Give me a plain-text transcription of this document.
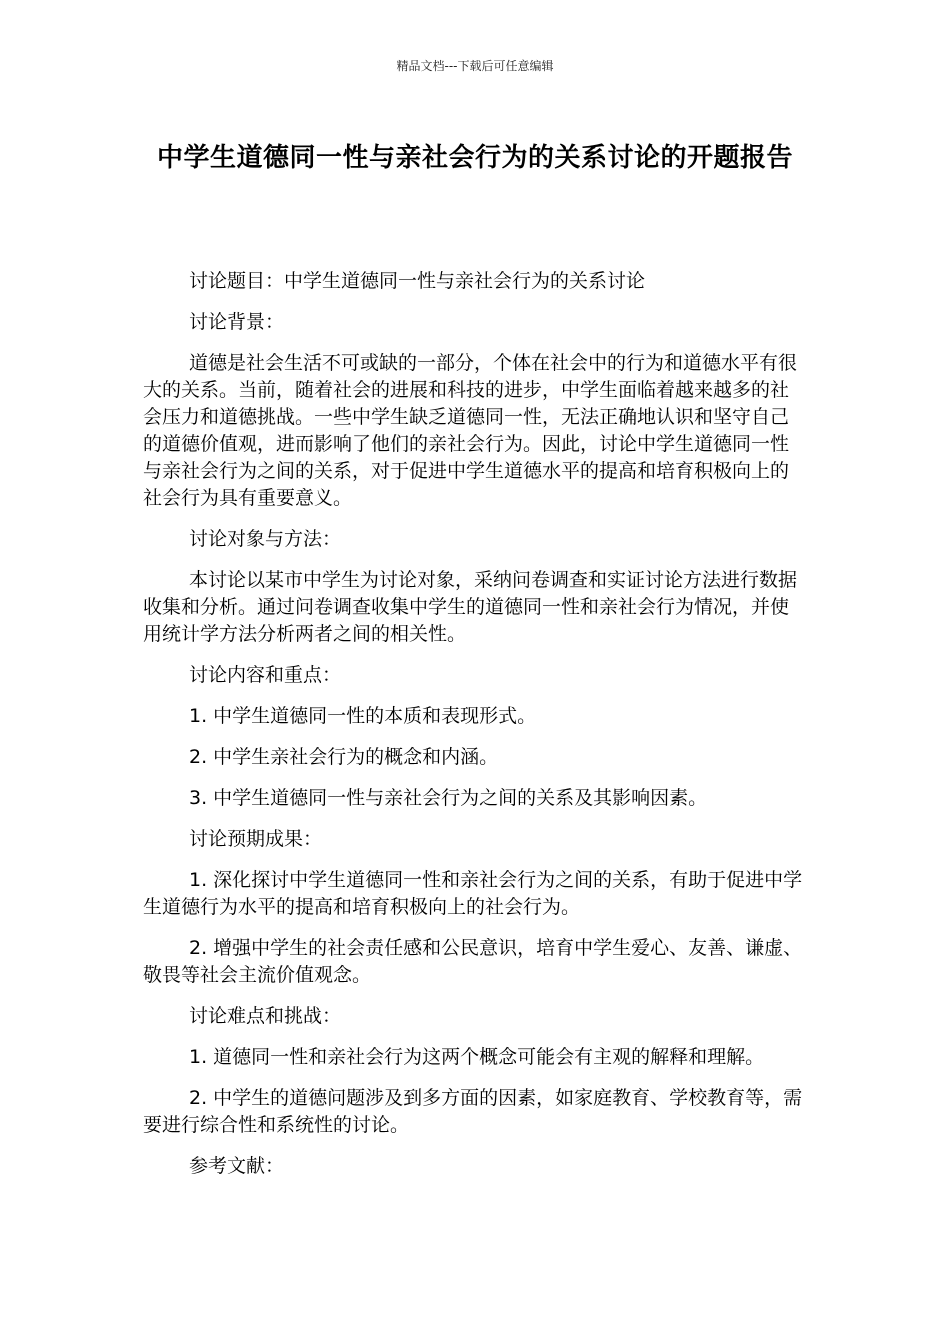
精品文档---下载后可任意编辑
中学生道德同一性与亲社会行为的关系讨论的开题报告

讨论题目：中学生道德同一性与亲社会行为的关系讨论

讨论背景：

道德是社会生活不可或缺的一部分，个体在社会中的行为和道德水平有很大的关系。当前，随着社会的进展和科技的进步，中学生面临着越来越多的社会压力和道德挑战。一些中学生缺乏道德同一性，无法正确地认识和坚守自己的道德价值观，进而影响了他们的亲社会行为。因此，讨论中学生道德同一性与亲社会行为之间的关系，对于促进中学生道德水平的提高和培育积极向上的社会行为具有重要意义。

讨论对象与方法：

本讨论以某市中学生为讨论对象，采纳问卷调查和实证讨论方法进行数据收集和分析。通过问卷调查收集中学生的道德同一性和亲社会行为情况，并使用统计学方法分析两者之间的相关性。

讨论内容和重点：

1. 中学生道德同一性的本质和表现形式。

2. 中学生亲社会行为的概念和内涵。

3. 中学生道德同一性与亲社会行为之间的关系及其影响因素。

讨论预期成果：

1. 深化探讨中学生道德同一性和亲社会行为之间的关系，有助于促进中学生道德行为水平的提高和培育积极向上的社会行为。

2. 增强中学生的社会责任感和公民意识，培育中学生爱心、友善、谦虚、敬畏等社会主流价值观念。

讨论难点和挑战：

1. 道德同一性和亲社会行为这两个概念可能会有主观的解释和理解。

2. 中学生的道德问题涉及到多方面的因素，如家庭教育、学校教育等，需要进行综合性和系统性的讨论。

参考文献：
